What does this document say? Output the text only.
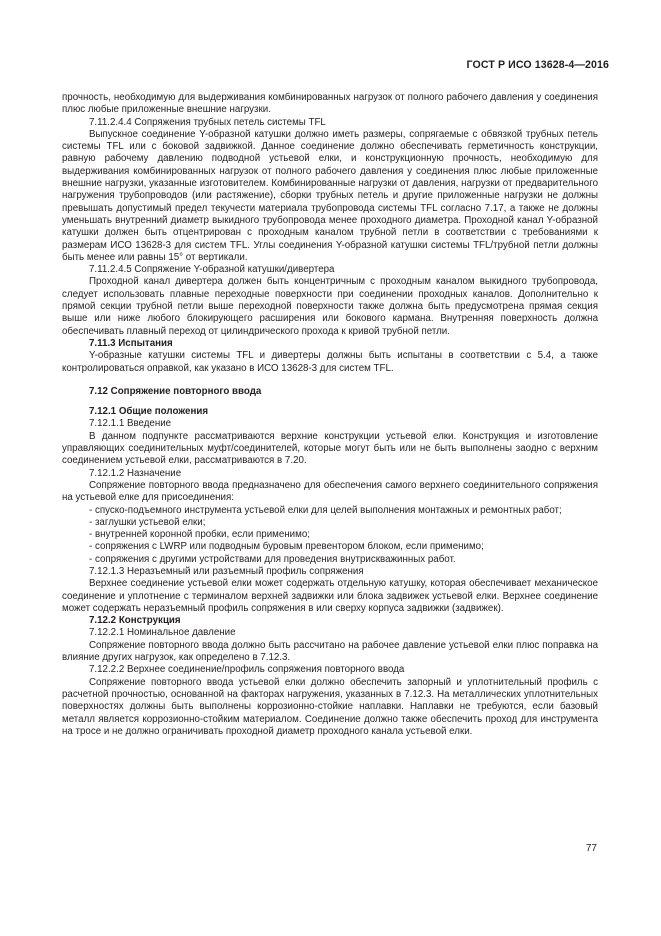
ГОСТ Р ИСО 13628-4—2016

прочность, необходимую для выдерживания комбинированных нагрузок от полного рабочего давления у соединения плюс любые приложенные внешние нагрузки.

7.11.2.4.4 Сопряжения трубных петель системы TFL

Выпускное соединение Y-образной катушки должно иметь размеры, сопрягаемые с обвязкой трубных петель системы TFL или с боковой задвижкой. Данное соединение должно обеспечивать герметичность конструкции, равную рабочему давлению подводной устьевой елки, и конструкционную прочность, необходимую для выдерживания комбинированных нагрузок от полного рабочего давления у соединения плюс любые приложенные внешние нагрузки, указанные изготовителем. Комбинированные нагрузки от давления, нагрузки от предварительного нагружения трубопроводов (или растяжение), сборки трубных петель и другие приложенные нагрузки не должны превышать допустимый предел текучести материала трубопровода системы TFL согласно 7.17, а также не должны уменьшать внутренний диаметр выкидного трубопровода менее проходного диаметра. Проходной канал Y-образной катушки должен быть отцентрирован с проходным каналом трубной петли в соответствии с требованиями к размерам ИСО 13628-3 для систем TFL. Углы соединения Y-образной катушки системы TFL/трубной петли должны быть менее или равны 15° от вертикали.

7.11.2.4.5 Сопряжение Y-образной катушки/дивертера

Проходной канал дивертера должен быть концентричным с проходным каналом выкидного трубопровода, следует использовать плавные переходные поверхности при соединении проходных каналов. Дополнительно к прямой секции трубной петли выше переходной поверхности также должна быть предусмотрена прямая секция выше или ниже любого блокирующего расширения или бокового кармана. Внутренняя поверхность должна обеспечивать плавный переход от цилиндрического прохода к кривой трубной петли.

7.11.3 Испытания

Y-образные катушки системы TFL и дивертеры должны быть испытаны в соответствии с 5.4, а также контролироваться оправкой, как указано в ИСО 13628-3 для систем TFL.

7.12 Сопряжение повторного ввода

7.12.1 Общие положения

7.12.1.1 Введение

В данном подпункте рассматриваются верхние конструкции устьевой елки. Конструкция и изготовление управляющих соединительных муфт/соединителей, которые могут быть или не быть выполнены заодно с верхним соединением устьевой елки, рассматриваются в 7.20.

7.12.1.2 Назначение

Сопряжение повторного ввода предназначено для обеспечения самого верхнего соединительного сопряжения на устьевой елке для присоединения:

- спуско-подъемного инструмента устьевой елки для целей выполнения монтажных и ремонтных работ;

- заглушки устьевой елки;

- внутренней коронной пробки, если применимо;

- сопряжения с LWRP или подводным буровым превентором блоком, если применимо;

- сопряжения с другими устройствами для проведения внутрискважинных работ.

7.12.1.3 Неразъемный или разъемный профиль сопряжения

Верхнее соединение устьевой елки может содержать отдельную катушку, которая обеспечивает механическое соединение и уплотнение с терминалом верхней задвижки или блока задвижек устьевой елки. Верхнее соединение может содержать неразъемный профиль сопряжения в или сверху корпуса задвижки (задвижек).

7.12.2 Конструкция

7.12.2.1 Номинальное давление

Сопряжение повторного ввода должно быть рассчитано на рабочее давление устьевой елки плюс поправка на влияние других нагрузок, как определено в 7.12.3.

7.12.2.2 Верхнее соединение/профиль сопряжения повторного ввода

Сопряжение повторного ввода устьевой елки должно обеспечить запорный и уплотнительный профиль с расчетной прочностью, основанной на факторах нагружения, указанных в 7.12.3. На металлических уплотнительных поверхностях должны быть выполнены коррозионно-стойкие наплавки. Наплавки не требуются, если базовый металл является коррозионно-стойким материалом. Соединение должно также обеспечить проход для инструмента на тросе и не должно ограничивать проходной диаметр проходного канала устьевой елки.

77
